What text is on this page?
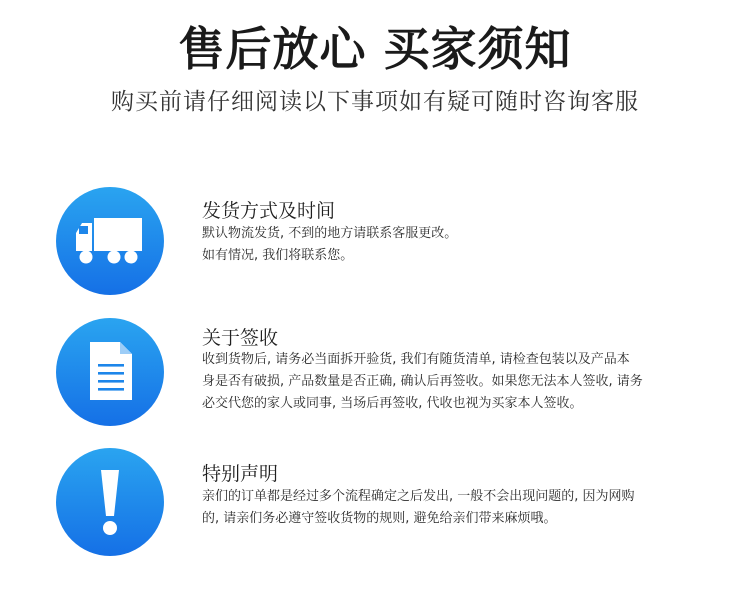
售后放心 买家须知
购买前请仔细阅读以下事项如有疑可随时咨询客服
发货方式及时间

默认物流发货, 不到的地方请联系客服更改。

如有情况, 我们将联系您。

关于签收

收到货物后, 请务必当面拆开验货, 我们有随货清单, 请检查包装以及产品本

身是否有破损, 产品数量是否正确, 确认后再签收。如果您无法本人签收, 请务

必交代您的家人或同事, 当场后再签收, 代收也视为买家本人签收。

特别声明

亲们的订单都是经过多个流程确定之后发出, 一般不会出现问题的, 因为网购

的, 请亲们务必遵守签收货物的规则, 避免给亲们带来麻烦哦。
